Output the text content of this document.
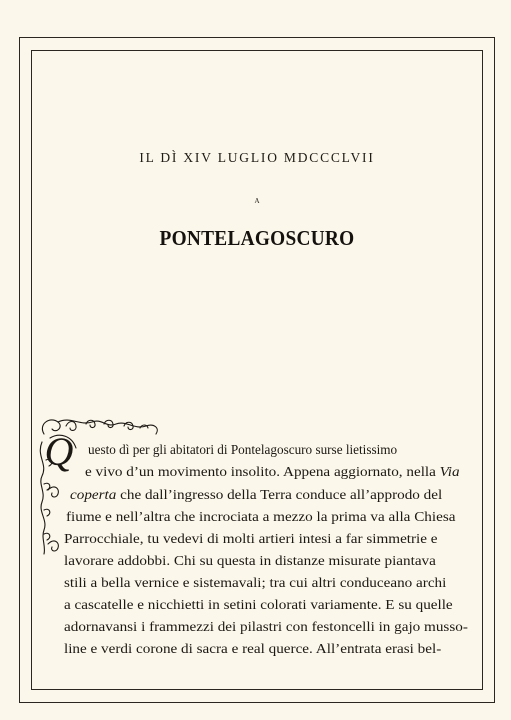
IL DÌ XIV LUGLIO MDCCCLVII
A
PONTELAGOSCURO
Q uesto dì per gli abitatori di Pontelagoscuro surse lietissimo
e vivo d’un movimento insolito. Appena aggiornato, nella Via
coperta che dall’ingresso della Terra conduce all’approdo del
fiume e nell’altra che incrociata a mezzo la prima va alla Chiesa
Parrocchiale, tu vedevi di molti artieri intesi a far simmetrie e
lavorare addobbi. Chi su questa in distanze misurate piantava
stili a bella vernice e sistemavali; tra cui altri conduceano archi
a cascatelle e nicchietti in setini colorati variamente. E su quelle
adornavansi i frammezzi dei pilastri con festoncelli in gajo musso-
line e verdi corone di sacra e real querce. All’entrata erasi bel-
